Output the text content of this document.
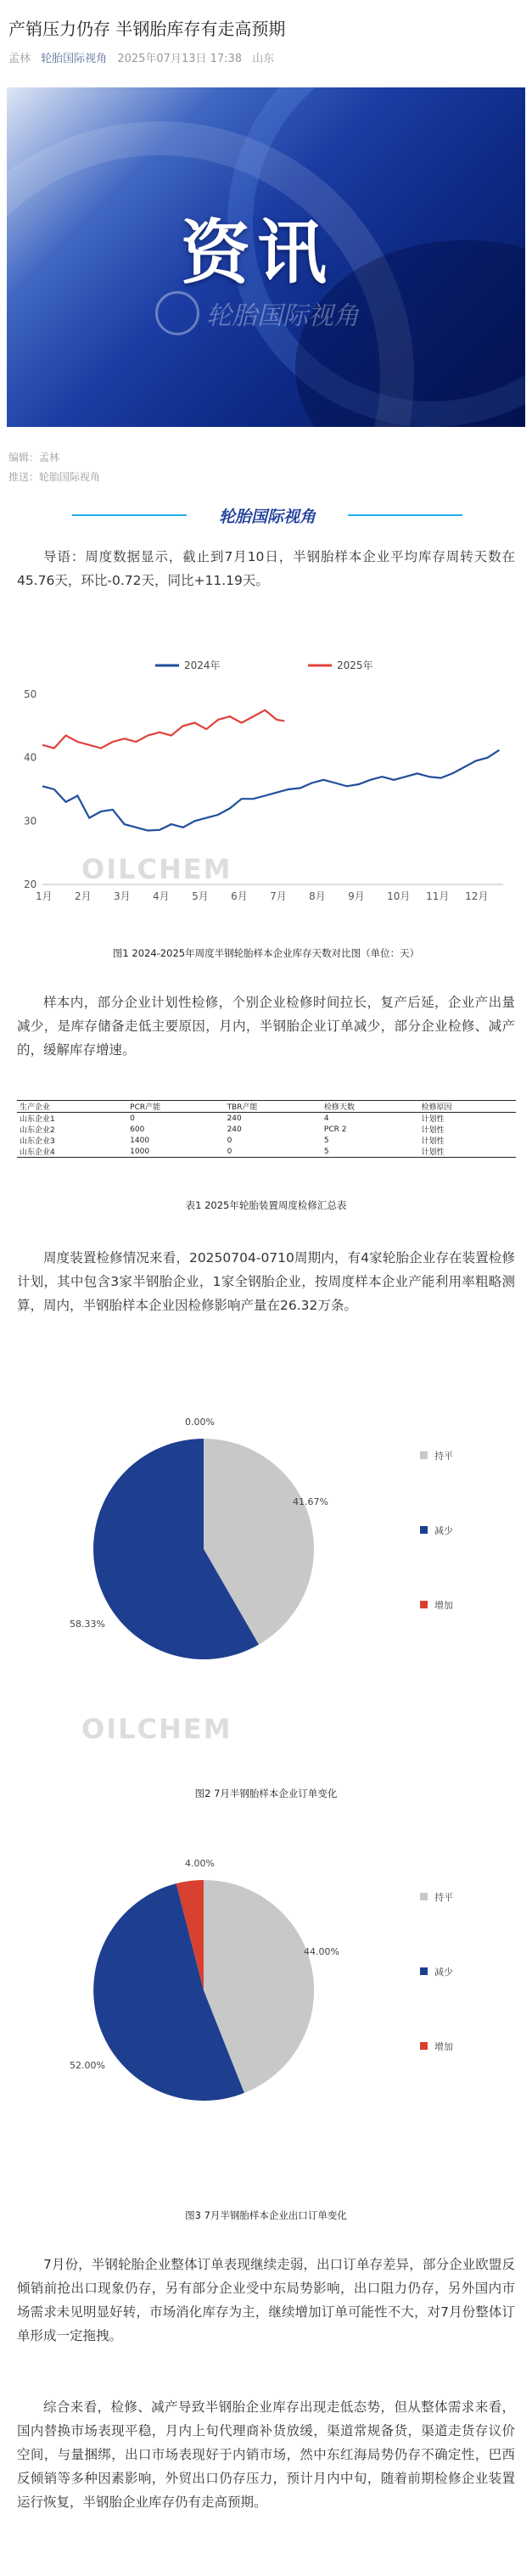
产销压力仍存 半钢胎库存有走高预期
孟林 轮胎国际视角 2025年07月13日 17:38 山东
资讯
轮胎国际视角
编辑：孟林
推送：轮胎国际视角
轮胎国际视角

导语：周度数据显示，截止到7月10日，半钢胎样本企业平均库存周转天数在45.76天，环比-0.72天，同比+11.19天。

2024年	2025年
20
30
40
50
1月 2月 3月 4月 5月 6月 7月 8月 9月 10月 11月 12月
OILCHEM
图1 2024-2025年周度半钢轮胎样本企业库存天数对比图（单位：天）

样本内，部分企业计划性检修，个别企业检修时间拉长，复产后延，企业产出量减少，是库存储备走低主要原因，月内，半钢胎企业订单减少，部分企业检修、减产的，缓解库存增速。

生产企业	PCR产能	TBR产能	检修天数	检修原因
山东企业1	0	240	4	计划性
山东企业2	600	240	PCR 2	计划性
山东企业3	1400	0	5	计划性
山东企业4	1000	0	5	计划性
表1 2025年轮胎装置周度检修汇总表

周度装置检修情况来看，20250704-0710周期内，有4家轮胎企业存在装置检修计划，其中包含3家半钢胎企业，1家全钢胎企业，按周度样本企业产能利用率粗略测算，周内，半钢胎样本企业因检修影响产量在26.32万条。

41.67%
58.33%
0.00%
持平
减少
增加
OILCHEM
图2 7月半钢胎样本企业订单变化
44.00%
52.00%
4.00%
持平
减少
增加
图3 7月半钢胎样本企业出口订单变化

7月份，半钢轮胎企业整体订单表现继续走弱，出口订单存差异，部分企业欧盟反倾销前抢出口现象仍存，另有部分企业受中东局势影响，出口阻力仍存，另外国内市场需求未见明显好转，市场消化库存为主，继续增加订单可能性不大，对7月份整体订单形成一定拖拽。

综合来看，检修、减产导致半钢胎企业库存出现走低态势，但从整体需求来看，国内替换市场表现平稳，月内上旬代理商补货放缓，渠道常规备货，渠道走货存议价空间，与量捆绑，出口市场表现好于内销市场，然中东红海局势仍存不确定性，巴西反倾销等多种因素影响，外贸出口仍存压力，预计月内中旬，随着前期检修企业装置运行恢复，半钢胎企业库存仍有走高预期。
